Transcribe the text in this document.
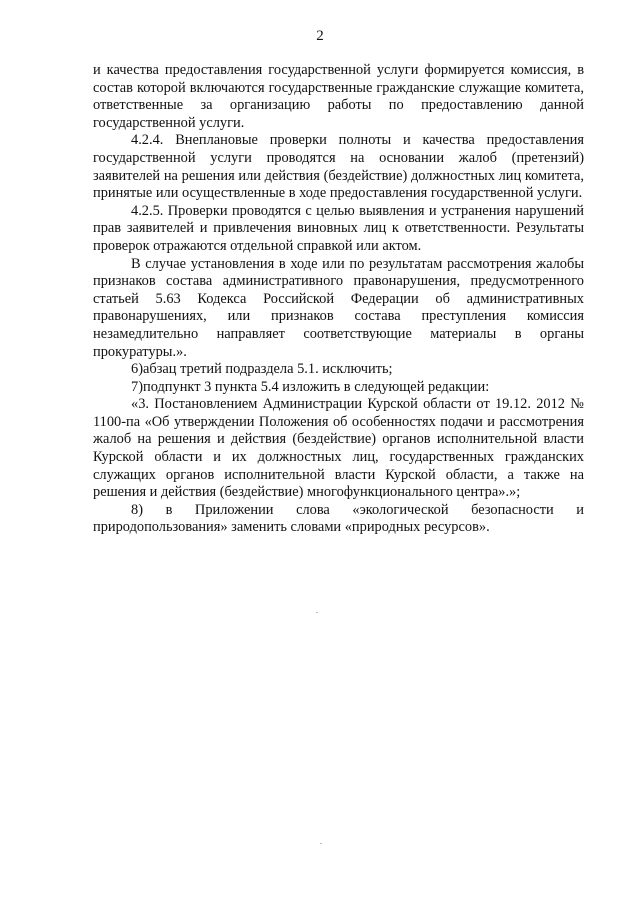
2

и качества предоставления государственной услуги формируется комиссия, в состав которой включаются государственные гражданские служащие комитета, ответственные за организацию работы по предоставлению данной государственной услуги.

4.2.4. Внеплановые проверки полноты и качества предоставления государственной услуги проводятся на основании жалоб (претензий) заявителей на решения или действия (бездействие) должностных лиц комитета, принятые или осуществленные в ходе предоставления государственной услуги.

4.2.5. Проверки проводятся с целью выявления и устранения нарушений прав заявителей и привлечения виновных лиц к ответственности. Результаты проверок отражаются отдельной справкой или актом.

В случае установления в ходе или по результатам рассмотрения жалобы признаков состава административного правонарушения, предусмотренного статьей 5.63 Кодекса Российской Федерации об административных правонарушениях, или признаков состава преступления комиссия незамедлительно направляет соответствующие материалы в органы прокуратуры.».

6)абзац третий подраздела 5.1. исключить;

7)подпункт 3 пункта 5.4 изложить в следующей редакции:

«3. Постановлением Администрации Курской области от 19.12. 2012 № 1100-па «Об утверждении Положения об особенностях подачи и рассмотрения жалоб на решения и действия (бездействие) органов исполнительной власти Курской области и их должностных лиц, государственных гражданских служащих органов исполнительной власти Курской области, а также на решения и действия (бездействие) многофункционального центра».»;

8) в Приложении слова «экологической безопасности и природопользования» заменить словами «природных ресурсов».
